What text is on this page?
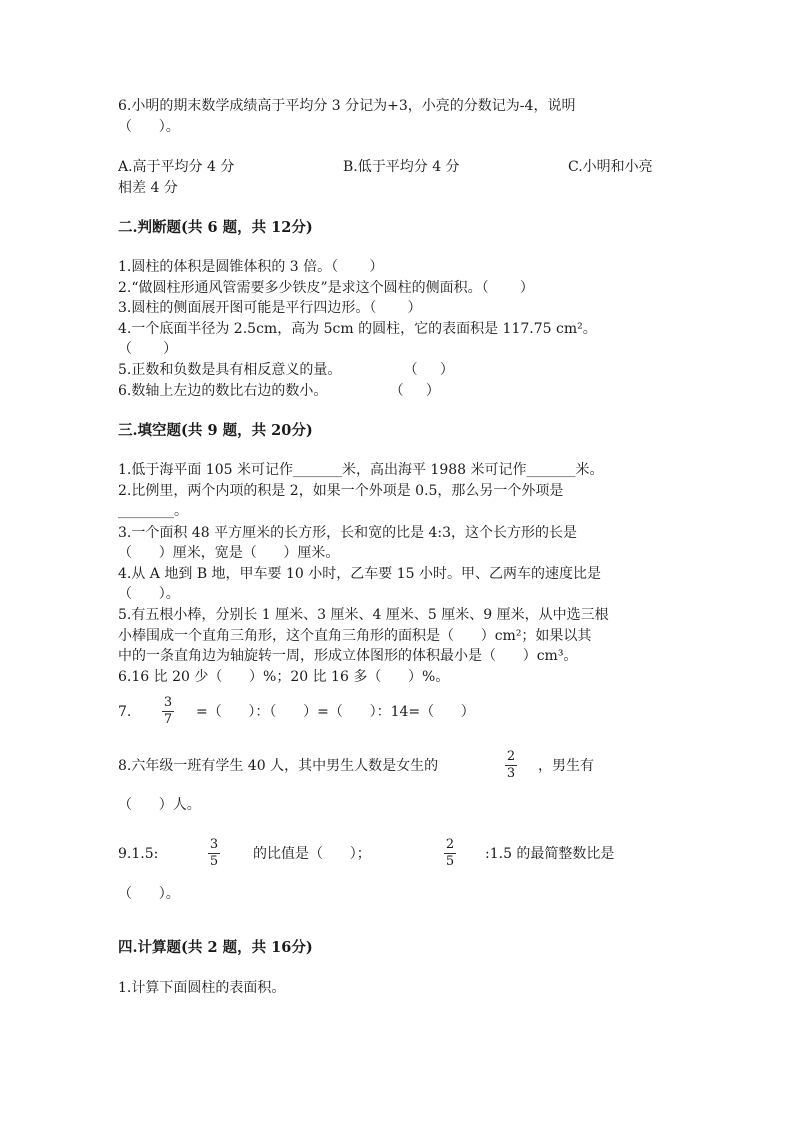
6.小明的期末数学成绩高于平均分 3 分记为+3，小亮的分数记为-4，说明
（      ）。
A.高于平均分 4 分	B.低于平均分 4 分	C.小明和小亮
相差 4 分
二.判断题(共 6 题，共 12分)
1.圆柱的体积是圆锥体积的 3 倍。（       ）
2.“做圆柱形通风管需要多少铁皮”是求这个圆柱的侧面积。（       ）
3.圆柱的侧面展开图可能是平行四边形。（       ）
4.一个底面半径为 2.5cm，高为 5cm 的圆柱，它的表面积是 117.75 cm²。
（       ）
5.正数和负数是具有相反意义的量。              （     ）
6.数轴上左边的数比右边的数小。              （     ）
三.填空题(共 9 题，共 20分)
1.低于海平面 105 米可记作_______米，高出海平 1988 米可记作_______米。
2.比例里，两个内项的积是 2，如果一个外项是 0.5，那么另一个外项是
________。
3.一个面积 48 平方厘米的长方形，长和宽的比是 4:3，这个长方形的长是
（      ）厘米，宽是（      ）厘米。
4.从 A 地到 B 地，甲车要 10 小时，乙车要 15 小时。甲、乙两车的速度比是
（      ）。
5.有五根小棒，分别长 1 厘米、3 厘米、4 厘米、5 厘米、9 厘米，从中选三根
小棒围成一个直角三角形，这个直角三角形的面积是（      ）cm²；如果以其
中的一条直角边为轴旋转一周，形成立体图形的体积最小是（      ）cm³。
6.16 比 20 少（      ）%；20 比 16 多（      ）%。
7.
3
7 =（      ）：（      ）=（      ）：14=（      ）
8.六年级一班有学生 40 人，其中男生人数是女生的
2
3 ，男生有
（      ）人。
9.1.5:
3
5 的比值是（      ）；
2
5 :1.5 的最简整数比是
（      ）。
四.计算题(共 2 题，共 16分)
1.计算下面圆柱的表面积。
